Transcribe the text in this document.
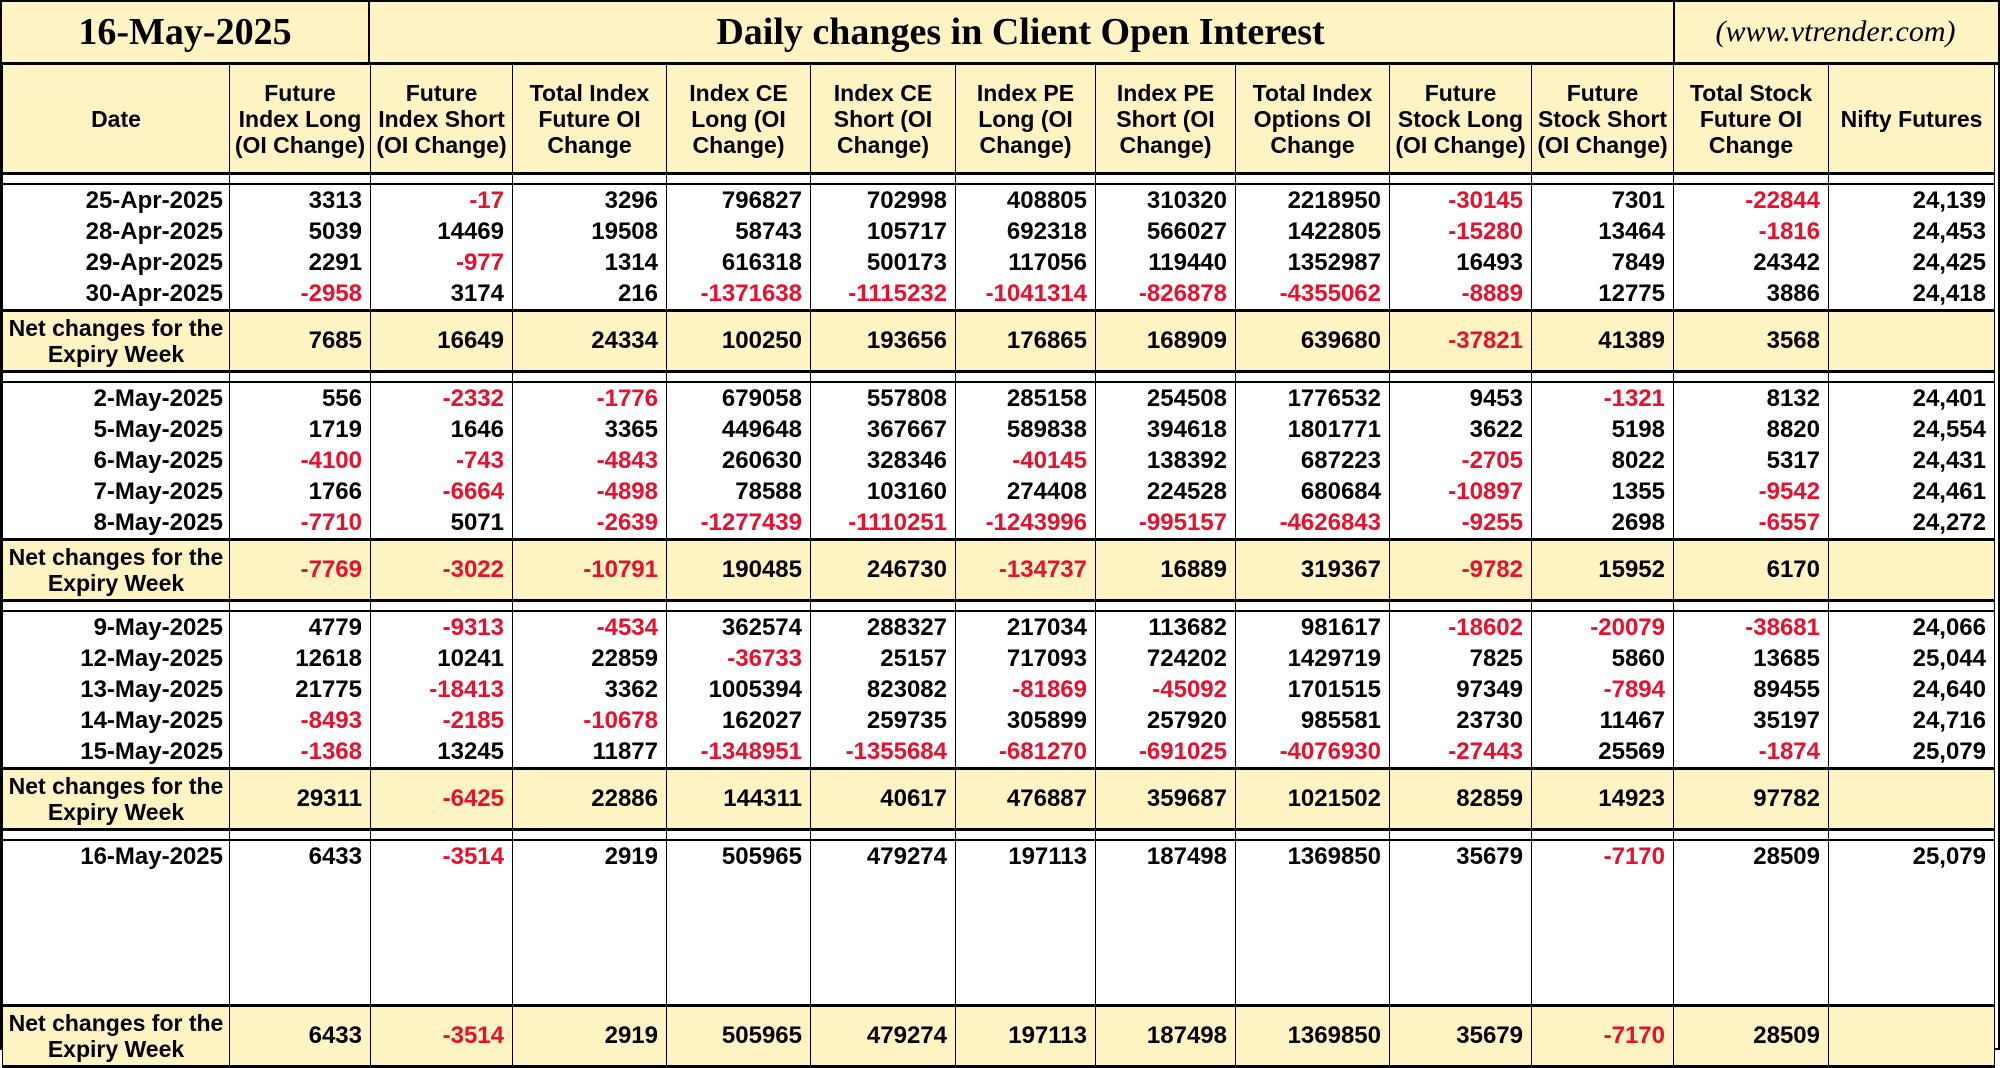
16-May-2025	Daily changes in Client Open Interest	(www.vtrender.com)
Date	Future Index Long (OI Change)	Future Index Short (OI Change)	Total Index Future OI Change	Index CE Long (OI Change)	Index CE Short (OI Change)	Index PE Long (OI Change)	Index PE Short (OI Change)	Total Index Options OI Change	Future Stock Long (OI Change)	Future Stock Short (OI Change)	Total Stock Future OI Change	Nifty Futures

25-Apr-2025	3313	-17	3296	796827	702998	408805	310320	2218950	-30145	7301	-22844	24,139
28-Apr-2025	5039	14469	19508	58743	105717	692318	566027	1422805	-15280	13464	-1816	24,453
29-Apr-2025	2291	-977	1314	616318	500173	117056	119440	1352987	16493	7849	24342	24,425
30-Apr-2025	-2958	3174	216	-1371638	-1115232	-1041314	-826878	-4355062	-8889	12775	3886	24,418
Net changes for the Expiry Week	7685	16649	24334	100250	193656	176865	168909	639680	-37821	41389	3568	

2-May-2025	556	-2332	-1776	679058	557808	285158	254508	1776532	9453	-1321	8132	24,401
5-May-2025	1719	1646	3365	449648	367667	589838	394618	1801771	3622	5198	8820	24,554
6-May-2025	-4100	-743	-4843	260630	328346	-40145	138392	687223	-2705	8022	5317	24,431
7-May-2025	1766	-6664	-4898	78588	103160	274408	224528	680684	-10897	1355	-9542	24,461
8-May-2025	-7710	5071	-2639	-1277439	-1110251	-1243996	-995157	-4626843	-9255	2698	-6557	24,272
Net changes for the Expiry Week	-7769	-3022	-10791	190485	246730	-134737	16889	319367	-9782	15952	6170	

9-May-2025	4779	-9313	-4534	362574	288327	217034	113682	981617	-18602	-20079	-38681	24,066
12-May-2025	12618	10241	22859	-36733	25157	717093	724202	1429719	7825	5860	13685	25,044
13-May-2025	21775	-18413	3362	1005394	823082	-81869	-45092	1701515	97349	-7894	89455	24,640
14-May-2025	-8493	-2185	-10678	162027	259735	305899	257920	985581	23730	11467	35197	24,716
15-May-2025	-1368	13245	11877	-1348951	-1355684	-681270	-691025	-4076930	-27443	25569	-1874	25,079
Net changes for the Expiry Week	29311	-6425	22886	144311	40617	476887	359687	1021502	82859	14923	97782	

16-May-2025	6433	-3514	2919	505965	479274	197113	187498	1369850	35679	-7170	28509	25,079

Net changes for the Expiry Week	6433	-3514	2919	505965	479274	197113	187498	1369850	35679	-7170	28509	
